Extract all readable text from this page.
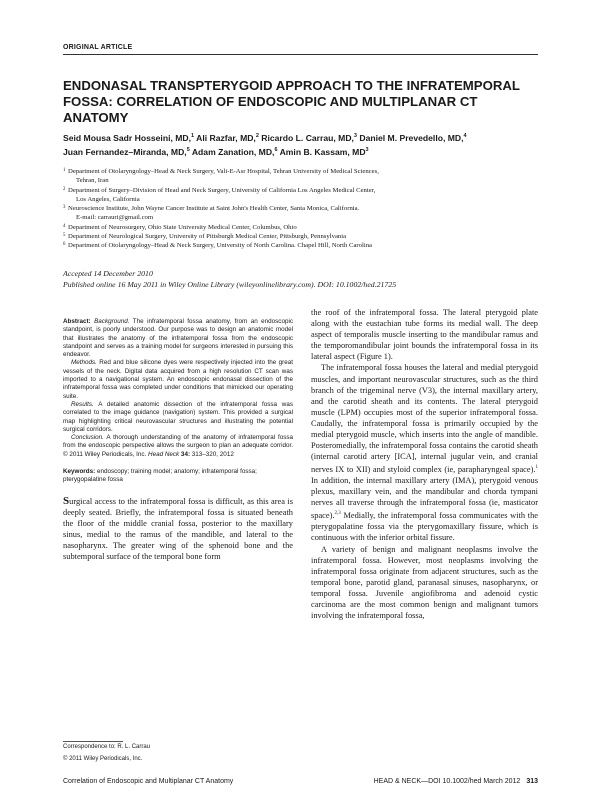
ORIGINAL ARTICLE
ENDONASAL TRANSPTERYGOID APPROACH TO THE INFRATEMPORAL FOSSA: CORRELATION OF ENDOSCOPIC AND MULTIPLANAR CT ANATOMY
Seid Mousa Sadr Hosseini, MD,$^1$ Ali Razfar, MD,$^2$ Ricardo L. Carrau, MD,$^3$ Daniel M. Prevedello, MD,$^4$
Juan Fernandez–Miranda, MD,$^5$ Adam Zanation, MD,$^6$ Amin B. Kassam, $MD^3$
1 Department of Otolaryngology–Head & Neck Surgery, Vali-E-Asr Hospital, Tehran University of Medical Sciences,
Tehran, Iran
2 Department of Surgery–Division of Head and Neck Surgery, University of California Los Angeles Medical Center,
Los Angeles, California
3 Neuroscience Institute, John Wayne Cancer Institute at Saint John's Health Center, Santa Monica, California.
E-mail: carrauri@gmail.com
4 Department of Neurosurgery, Ohio State University Medical Center, Columbus, Ohio
5 Department of Neurological Surgery, University of Pittsburgh Medical Center, Pittsburgh, Pennsylvania
6 Department of Otolaryngology–Head & Neck Surgery, University of North Carolina. Chapel Hill, North Carolina
Accepted 14 December 2010
Published online 16 May 2011 in Wiley Online Library (wileyonlinelibrary.com). DOI: 10.1002/hed.21725

Abstract: Background. The infratemporal fossa anatomy, from an endoscopic standpoint, is poorly understood. Our purpose was to design an anatomic model that illustrates the anatomy of the infratemporal fossa from the endoscopic standpoint and serves as a training model for surgeons interested in pursuing this endeavor.

Methods. Red and blue silicone dyes were respectively injected into the great vessels of the neck. Digital data acquired from a high resolution CT scan was imported to a navigational system. An endoscopic endonasal dissection of the infratemporal fossa was completed under conditions that mimicked our operating suite.

Results. A detailed anatomic dissection of the infratemporal fossa was correlated to the image guidance (navigation) system. This provided a surgical map highlighting critical neurovascular structures and illustrating the potential surgical corridors.

Conclusion. A thorough understanding of the anatomy of infratemporal fossa from the endoscopic perspective allows the surgeon to plan an adequate corridor. © 2011 Wiley Periodicals, Inc. Head Neck 34: 313–320, 2012

Keywords: endoscopy; training model; anatomy; infratemporal fossa; pterygopalatine fossa

Surgical access to the infratemporal fossa is difficult, as this area is deeply seated. Briefly, the infratemporal fossa is situated beneath the floor of the middle cranial fossa, posterior to the maxillary sinus, medial to the ramus of the mandible, and lateral to the nasopharynx. The greater wing of the sphenoid bone and the subtemporal surface of the temporal bone form

the roof of the infratemporal fossa. The lateral pterygoid plate along with the eustachian tube forms its medial wall. The deep aspect of temporalis muscle inserting to the mandibular ramus and the temporomandibular joint bounds the infratemporal fossa in its lateral aspect (Figure 1).

The infratemporal fossa houses the lateral and medial pterygoid muscles, and important neurovascular structures, such as the third branch of the trigeminal nerve (V3), the internal maxillary artery, and the carotid sheath and its contents. The lateral pterygoid muscle (LPM) occupies most of the superior infratemporal fossa. Caudally, the infratemporal fossa is primarily occupied by the medial pterygoid muscle, which inserts into the angle of mandible. Posteromedially, the infratemporal fossa contains the carotid sheath (internal carotid artery [ICA], internal jugular vein, and cranial nerves IX to XII) and styloid complex (ie, parapharyngeal space).$^1$ In addition, the internal maxillary artery (IMA), pterygoid venous plexus, maxillary vein, and the mandibular and chorda tympani nerves all traverse through the infratemporal fossa (ie, masticator space).$^{2,3}$ Medially, the infratemporal fossa communicates with the pterygopalatine fossa via the pterygomaxillary fissure, which is continuous with the inferior orbital fissure.

A variety of benign and malignant neoplasms involve the infratemporal fossa. However, most neoplasms involving the infratemporal fossa originate from adjacent structures, such as the temporal bone, parotid gland, paranasal sinuses, nasopharynx, or temporal fossa. Juvenile angiofibroma and adenoid cystic carcinoma are the most common benign and malignant tumors involving the infratemporal fossa,

Correspondence to: R. L. Carrau
© 2011 Wiley Periodicals, Inc.
Correlation of Endoscopic and Multiplanar CT Anatomy	HEAD & NECK—DOI 10.1002/hed March 2012 313
